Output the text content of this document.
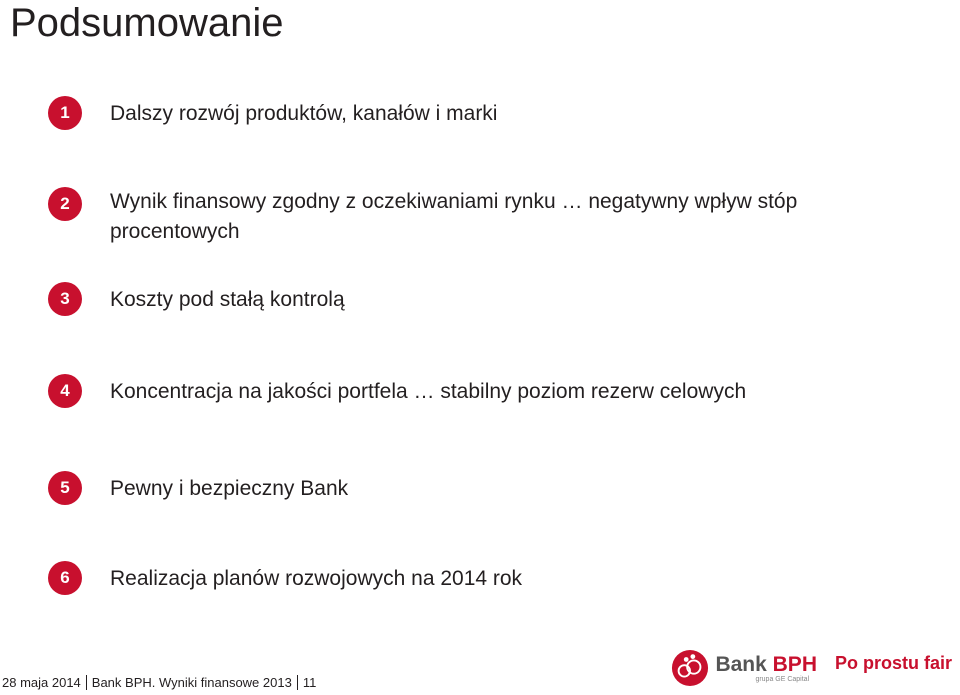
Podsumowanie
1	Dalszy rozwój produktów, kanałów i marki
2	Wynik finansowy zgodny z oczekiwaniami rynku … negatywny wpływ stóp procentowych
3	Koszty pod stałą kontrolą
4	Koncentracja na jakości portfela … stabilny poziom rezerw celowych
5	Pewny i bezpieczny Bank
6	Realizacja planów rozwojowych na 2014 rok
28 maja 2014 Bank BPH. Wyniki finansowe 2013 11
Bank BPH
grupa GE Capital
Po prostu fair
